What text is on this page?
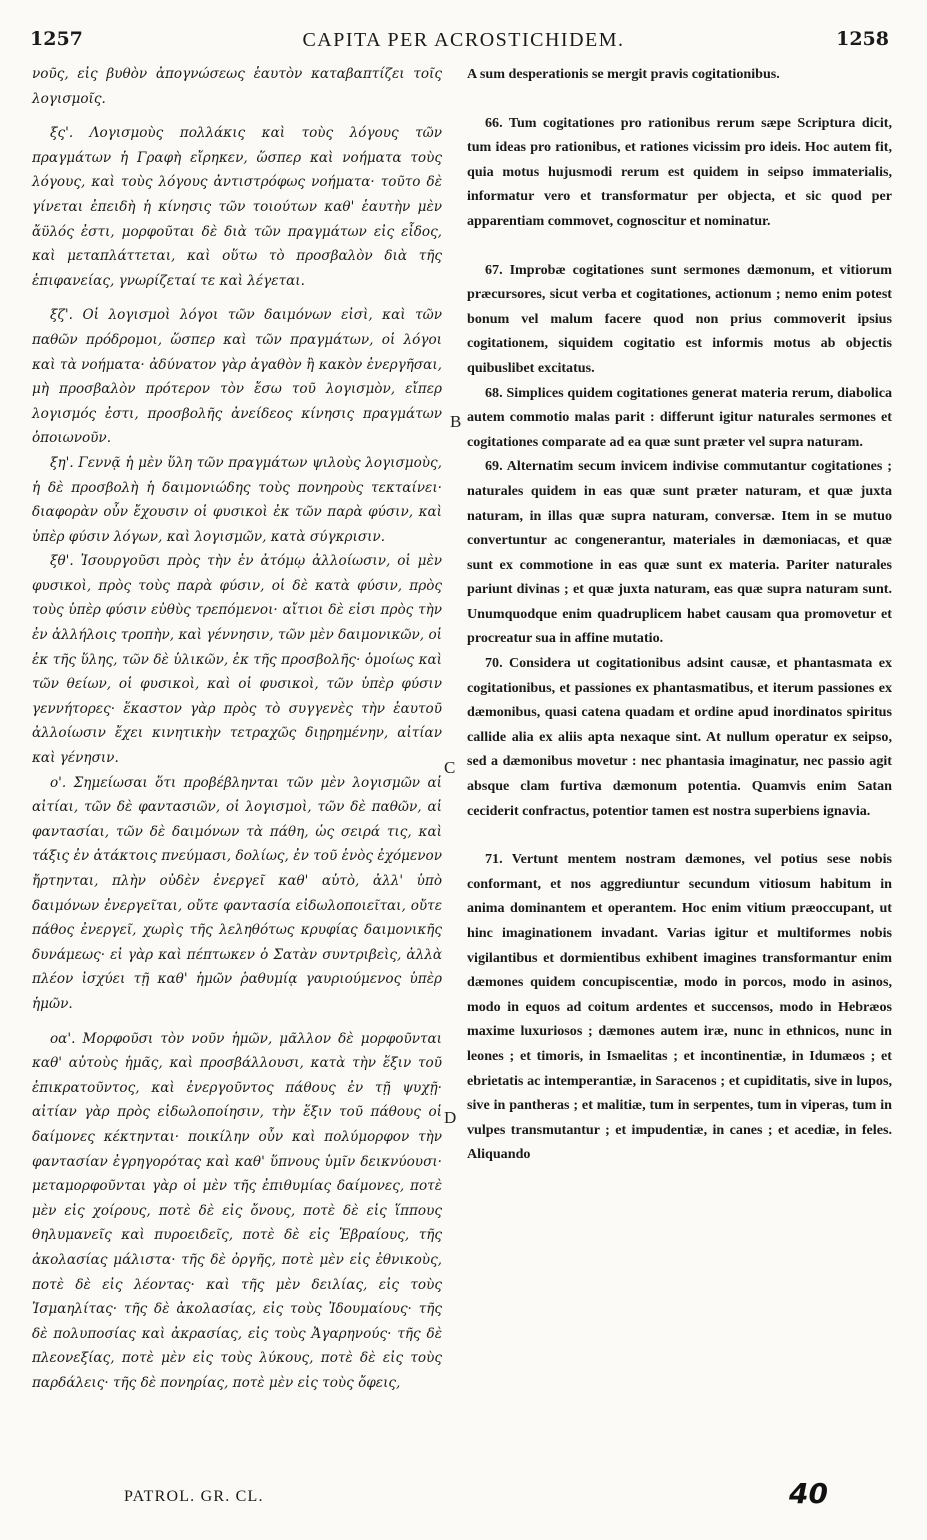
1257	CAPITA PER ACROSTICHIDEM.	1258

νοῦς, εἰς βυθὸν ἀπογνώσεως ἑαυτὸν καταβαπτίζει τοῖς λογισμοῖς.

ξς'. Λογισμοὺς πολλάκις καὶ τοὺς λόγους τῶν πραγμάτων ἡ Γραφὴ εἴρηκεν, ὥσπερ καὶ νοήματα τοὺς λόγους, καὶ τοὺς λόγους ἀντιστρόφως νοήματα· τοῦτο δὲ γίνεται ἐπειδὴ ἡ κίνησις τῶν τοιούτων καθ' ἑαυτὴν μὲν ἄϋλός ἐστι, μορφοῦται δὲ διὰ τῶν πραγμάτων εἰς εἶδος, καὶ μεταπλάττεται, καὶ οὕτω τὸ προσβαλὸν διὰ τῆς ἐπιφανείας, γνωρίζεταί τε καὶ λέγεται.

ξζ'. Οἱ λογισμοὶ λόγοι τῶν δαιμόνων εἰσὶ, καὶ τῶν παθῶν πρόδρομοι, ὥσπερ καὶ τῶν πραγμάτων, οἱ λόγοι καὶ τὰ νοήματα· ἀδύνατον γὰρ ἀγαθὸν ἢ κακὸν ἐνεργῆσαι, μὴ προσβαλὸν πρότερον τὸν ἔσω τοῦ λογισμὸν, εἴπερ λογισμός ἐστι, προσβολῆς ἀνείδεος κίνησις πραγμάτων ὁποιωνοῦν.

ξη'. Γεννᾷ ἡ μὲν ὕλη τῶν πραγμάτων ψιλοὺς λογισμοὺς, ἡ δὲ προσβολὴ ἡ δαιμονιώδης τοὺς πονηροὺς τεκταίνει· διαφορὰν οὖν ἔχουσιν οἱ φυσικοὶ ἐκ τῶν παρὰ φύσιν, καὶ ὑπὲρ φύσιν λόγων, καὶ λογισμῶν, κατὰ σύγκρισιν.

ξθ'. Ἰσουργοῦσι πρὸς τὴν ἐν ἀτόμῳ ἀλλοίωσιν, οἱ μὲν φυσικοὶ, πρὸς τοὺς παρὰ φύσιν, οἱ δὲ κατὰ φύσιν, πρὸς τοὺς ὑπὲρ φύσιν εὐθὺς τρεπόμενοι· αἴτιοι δὲ εἰσι πρὸς τὴν ἐν ἀλλήλοις τροπὴν, καὶ γέννησιν, τῶν μὲν δαιμονικῶν, οἱ ἐκ τῆς ὕλης, τῶν δὲ ὑλικῶν, ἐκ τῆς προσβολῆς· ὁμοίως καὶ τῶν θείων, οἱ φυσικοὶ, καὶ οἱ φυσικοὶ, τῶν ὑπὲρ φύσιν γεννήτορες· ἕκαστον γὰρ πρὸς τὸ συγγενὲς τὴν ἑαυτοῦ ἀλλοίωσιν ἔχει κινητικὴν τετραχῶς διῃρημένην, αἰτίαν καὶ γένησιν.

ο'. Σημείωσαι ὅτι προβέβληνται τῶν μὲν λογισμῶν αἱ αἰτίαι, τῶν δὲ φαντασιῶν, οἱ λογισμοὶ, τῶν δὲ παθῶν, αἱ φαντασίαι, τῶν δὲ δαιμόνων τὰ πάθη, ὡς σειρά τις, καὶ τάξις ἐν ἀτάκτοις πνεύμασι, δολίως, ἐν τοῦ ἑνὸς ἐχόμενον ἤρτηνται, πλὴν οὐδὲν ἐνεργεῖ καθ' αὑτὸ, ἀλλ' ὑπὸ δαιμόνων ἐνεργεῖται, οὔτε φαντασία εἰδωλοποιεῖται, οὔτε πάθος ἐνεργεῖ, χωρὶς τῆς λεληθότως κρυφίας δαιμονικῆς δυνάμεως· εἰ γὰρ καὶ πέπτωκεν ὁ Σατὰν συντριβεὶς, ἀλλὰ πλέον ἰσχύει τῇ καθ' ἡμῶν ῥαθυμίᾳ γαυριούμενος ὑπὲρ ἡμῶν.

οα'. Μορφοῦσι τὸν νοῦν ἡμῶν, μᾶλλον δὲ μορφοῦνται καθ' αὐτοὺς ἡμᾶς, καὶ προσβάλλουσι, κατὰ τὴν ἕξιν τοῦ ἐπικρατοῦντος, καὶ ἐνεργοῦντος πάθους ἐν τῇ ψυχῇ· αἰτίαν γὰρ πρὸς εἰδωλοποίησιν, τὴν ἕξιν τοῦ πάθους οἱ δαίμονες κέκτηνται· ποικίλην οὖν καὶ πολύμορφον τὴν φαντασίαν ἐγρηγορότας καὶ καθ' ὕπνους ὑμῖν δεικνύουσι· μεταμορφοῦνται γὰρ οἱ μὲν τῆς ἐπιθυμίας δαίμονες, ποτὲ μὲν εἰς χοίρους, ποτὲ δὲ εἰς ὄνους, ποτὲ δὲ εἰς ἵππους θηλυμανεῖς καὶ πυροειδεῖς, ποτὲ δὲ εἰς Ἑβραίους, τῆς ἀκολασίας μάλιστα· τῆς δὲ ὀργῆς, ποτὲ μὲν εἰς ἐθνικοὺς, ποτὲ δὲ εἰς λέοντας· καὶ τῆς μὲν δειλίας, εἰς τοὺς Ἰσμαηλίτας· τῆς δὲ ἀκολασίας, εἰς τοὺς Ἰδουμαίους· τῆς δὲ πολυποσίας καὶ ἀκρασίας, εἰς τοὺς Ἀγαρηνούς· τῆς δὲ πλεονεξίας, ποτὲ μὲν εἰς τοὺς λύκους, ποτὲ δὲ εἰς τοὺς παρδάλεις· τῆς δὲ πονηρίας, ποτὲ μὲν εἰς τοὺς ὄφεις,

A sum desperationis se mergit pravis cogitationibus.

66. Tum cogitationes pro rationibus rerum sæpe Scriptura dicit, tum ideas pro rationibus, et rationes vicissim pro ideis. Hoc autem fit, quia motus hujusmodi rerum est quidem in seipso immaterialis, informatur vero et transformatur per objecta, et sic quod per apparentiam commovet, cognoscitur et nominatur.

67. Improbæ cogitationes sunt sermones dæmonum, et vitiorum præcursores, sicut verba et cogitationes, actionum ; nemo enim potest bonum vel malum facere quod non prius commoverit ipsius cogitationem, siquidem cogitatio est informis motus ab objectis quibuslibet excitatus.

68. Simplices quidem cogitationes generat materia rerum, diabolica autem commotio malas parit : differunt igitur naturales sermones et cogitationes comparate ad ea quæ sunt præter vel supra naturam.

69. Alternatim secum invicem indivise commutantur cogitationes ; naturales quidem in eas quæ sunt præter naturam, et quæ juxta naturam, in illas quæ supra naturam, conversæ. Item in se mutuo convertuntur ac congenerantur, materiales in dæmoniacas, et quæ sunt ex commotione in eas quæ sunt ex materia. Pariter naturales pariunt divinas ; et quæ juxta naturam, eas quæ supra naturam sunt. Unumquodque enim quadruplicem habet causam qua promovetur et procreatur sua in affine mutatio.

70. Considera ut cogitationibus adsint causæ, et phantasmata ex cogitationibus, et passiones ex phantasmatibus, et iterum passiones ex dæmonibus, quasi catena quadam et ordine apud inordinatos spiritus callide alia ex aliis apta nexaque sint. At nullum operatur ex seipso, sed a dæmonibus movetur : nec phantasia imaginatur, nec passio agit absque clam furtiva dæmonum potentia. Quamvis enim Satan ceciderit confractus, potentior tamen est nostra superbiens ignavia.

71. Vertunt mentem nostram dæmones, vel potius sese nobis conformant, et nos aggrediuntur secundum vitiosum habitum in anima dominantem et operantem. Hoc enim vitium præoccupant, ut hinc imaginationem invadant. Varias igitur et multiformes nobis vigilantibus et dormientibus exhibent imagines transformantur enim dæmones quidem concupiscentiæ, modo in porcos, modo in asinos, modo in equos ad coitum ardentes et succensos, modo in Hebræos maxime luxuriosos ; dæmones autem iræ, nunc in ethnicos, nunc in leones ; et timoris, in Ismaelitas ; et incontinentiæ, in Idumæos ; et ebrietatis ac intemperantiæ, in Saracenos ; et cupiditatis, sive in lupos, sive in pantheras ; et malitiæ, tum in serpentes, tum in viperas, tum in vulpes transmutantur ; et impudentiæ, in canes ; et acediæ, in feles. Aliquando

B
C
D
PATROL. GR. CL.	40
